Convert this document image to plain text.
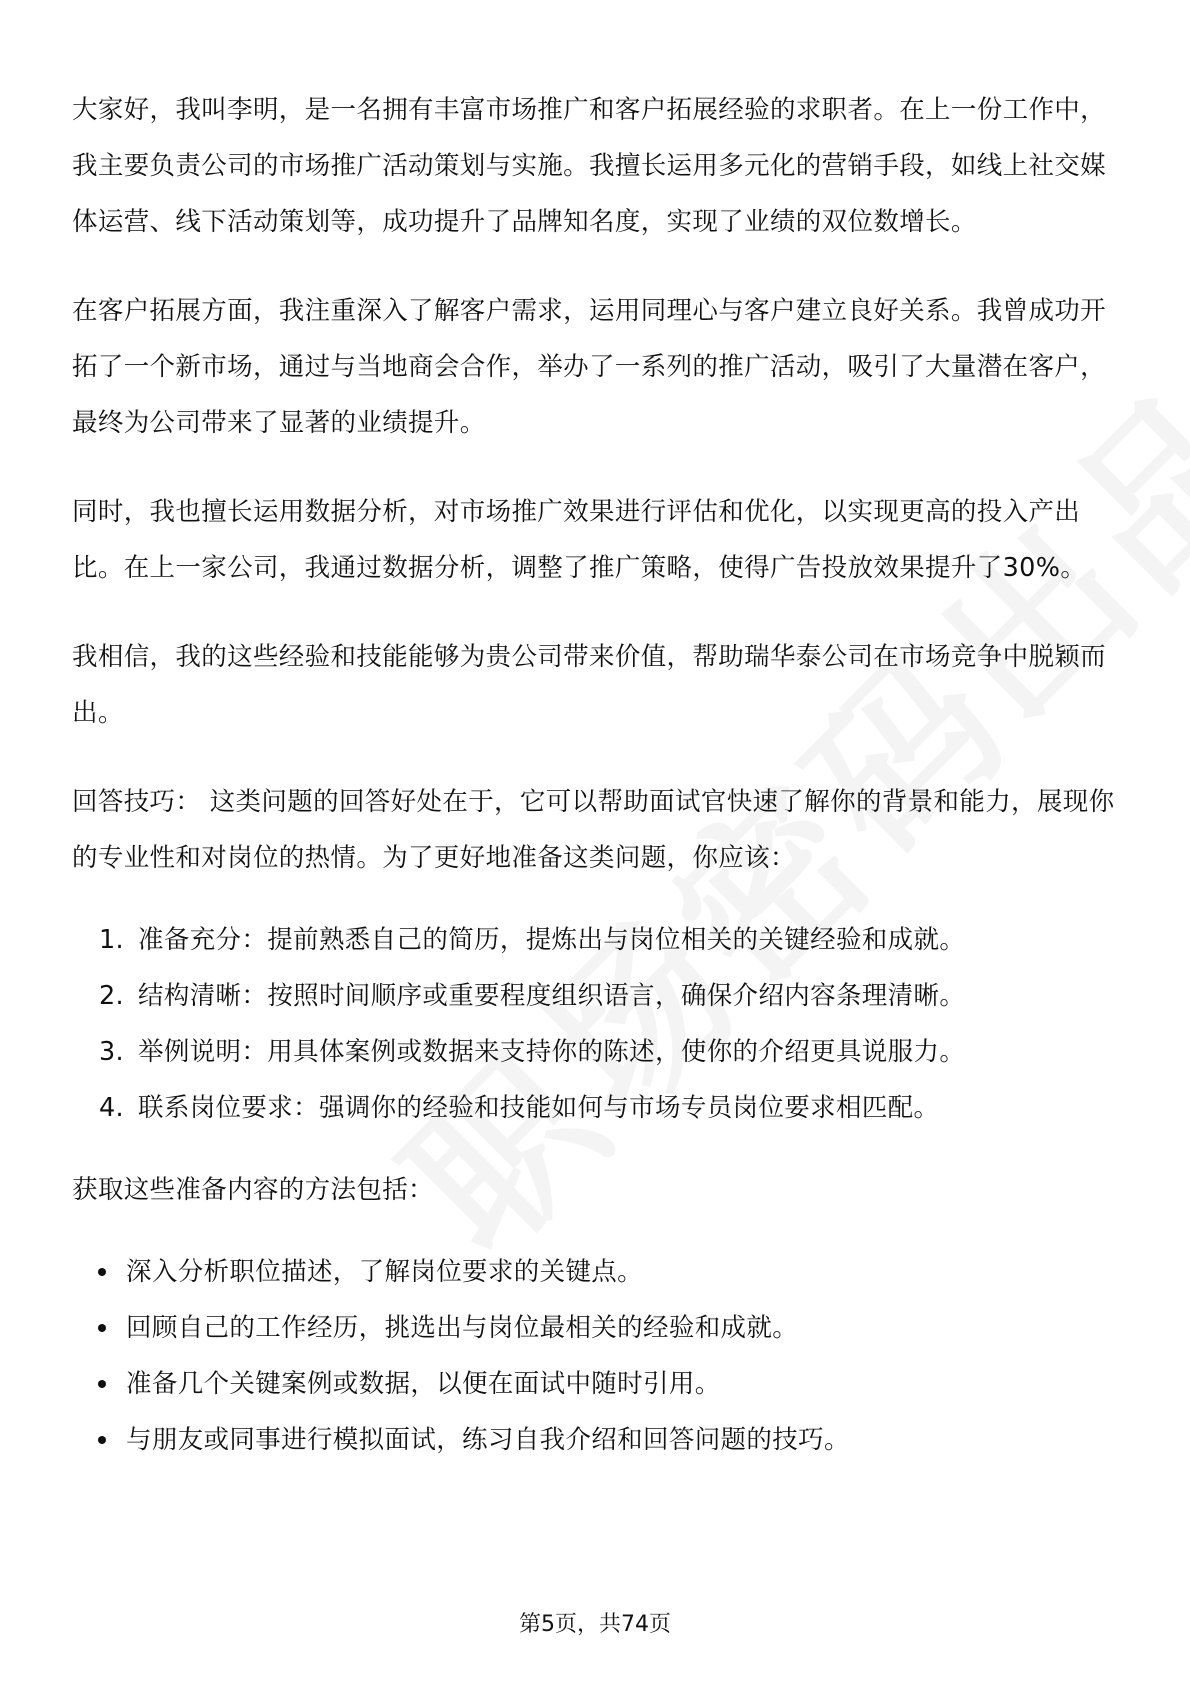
大家好，我叫李明，是一名拥有丰富市场推广和客户拓展经验的求职者。在上一份工作中，我主要负责公司的市场推广活动策划与实施。我擅长运用多元化的营销手段，如线上社交媒体运营、线下活动策划等，成功提升了品牌知名度，实现了业绩的双位数增长。

在客户拓展方面，我注重深入了解客户需求，运用同理心与客户建立良好关系。我曾成功开拓了一个新市场，通过与当地商会合作，举办了一系列的推广活动，吸引了大量潜在客户，最终为公司带来了显著的业绩提升。

同时，我也擅长运用数据分析，对市场推广效果进行评估和优化，以实现更高的投入产出比。在上一家公司，我通过数据分析，调整了推广策略，使得广告投放效果提升了30%。

我相信，我的这些经验和技能能够为贵公司带来价值，帮助瑞华泰公司在市场竞争中脱颖而出。

回答技巧： 这类问题的回答好处在于，它可以帮助面试官快速了解你的背景和能力，展现你的专业性和对岗位的热情。为了更好地准备这类问题，你应该：

1. 准备充分：提前熟悉自己的简历，提炼出与岗位相关的关键经验和成就。
2. 结构清晰：按照时间顺序或重要程度组织语言，确保介绍内容条理清晰。
3. 举例说明：用具体案例或数据来支持你的陈述，使你的介绍更具说服力。
4. 联系岗位要求：强调你的经验和技能如何与市场专员岗位要求相匹配。

获取这些准备内容的方法包括：

深入分析职位描述，了解岗位要求的关键点。
回顾自己的工作经历，挑选出与岗位最相关的经验和成就。
准备几个关键案例或数据，以便在面试中随时引用。
与朋友或同事进行模拟面试，练习自我介绍和回答问题的技巧。
第5页，共74页
